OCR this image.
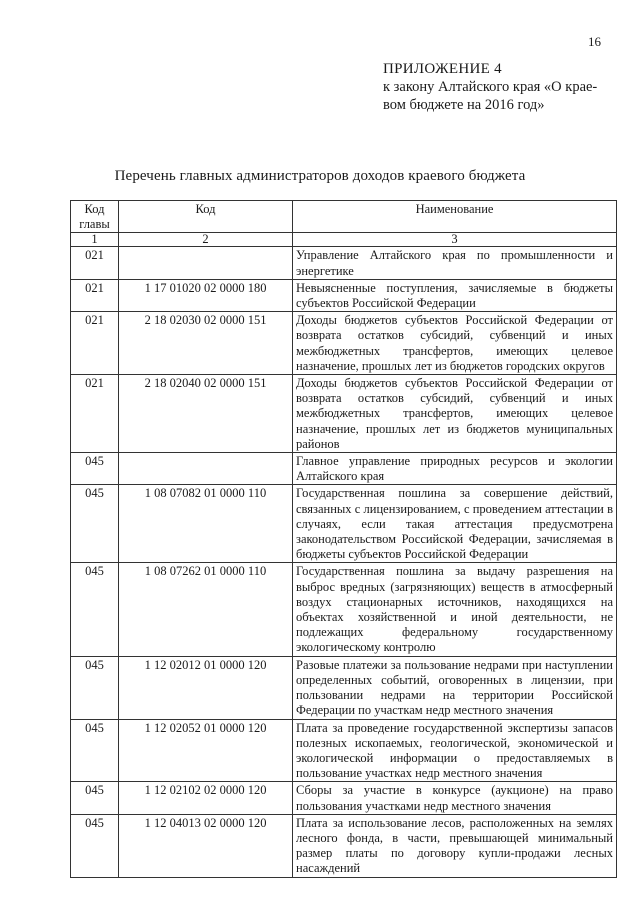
16
ПРИЛОЖЕНИЕ 4
к закону Алтайского края «О крае-
вом бюджете на 2016 год»
Перечень главных администраторов доходов краевого бюджета
Код главы	Код	Наименование
1	2	3
021		Управление Алтайского края по промышленности и энергетике
021	1 17 01020 02 0000 180	Невыясненные поступления, зачисляемые в бюджеты субъектов Российской Федерации
021	2 18 02030 02 0000 151	Доходы бюджетов субъектов Российской Федерации от возврата остатков субсидий, субвенций и иных межбюджетных трансфертов, имеющих целевое назначение, прошлых лет из бюджетов городских округов
021	2 18 02040 02 0000 151	Доходы бюджетов субъектов Российской Федерации от возврата остатков субсидий, субвенций и иных межбюджетных трансфертов, имеющих целевое назначение, прошлых лет из бюджетов муниципальных районов
045		Главное управление природных ресурсов и экологии Алтайского края
045	1 08 07082 01 0000 110	Государственная пошлина за совершение действий, связанных с лицензированием, с проведением аттестации в случаях, если такая аттестация предусмотрена законодательством Российской Федерации, зачисляемая в бюджеты субъектов Российской Федерации
045	1 08 07262 01 0000 110	Государственная пошлина за выдачу разрешения на выброс вредных (загрязняющих) веществ в атмосферный воздух стационарных источников, находящихся на объектах хозяйственной и иной деятельности, не подлежащих федеральному государственному экологическому контролю
045	1 12 02012 01 0000 120	Разовые платежи за пользование недрами при наступлении определенных событий, оговоренных в лицензии, при пользовании недрами на территории Российской Федерации по участкам недр местного значения
045	1 12 02052 01 0000 120	Плата за проведение государственной экспертизы запасов полезных ископаемых, геологической, экономической и экологической информации о предоставляемых в пользование участках недр местного значения
045	1 12 02102 02 0000 120	Сборы за участие в конкурсе (аукционе) на право пользования участками недр местного значения
045	1 12 04013 02 0000 120	Плата за использование лесов, расположенных на землях лесного фонда, в части, превышающей минимальный размер платы по договору купли-продажи лесных насаждений
